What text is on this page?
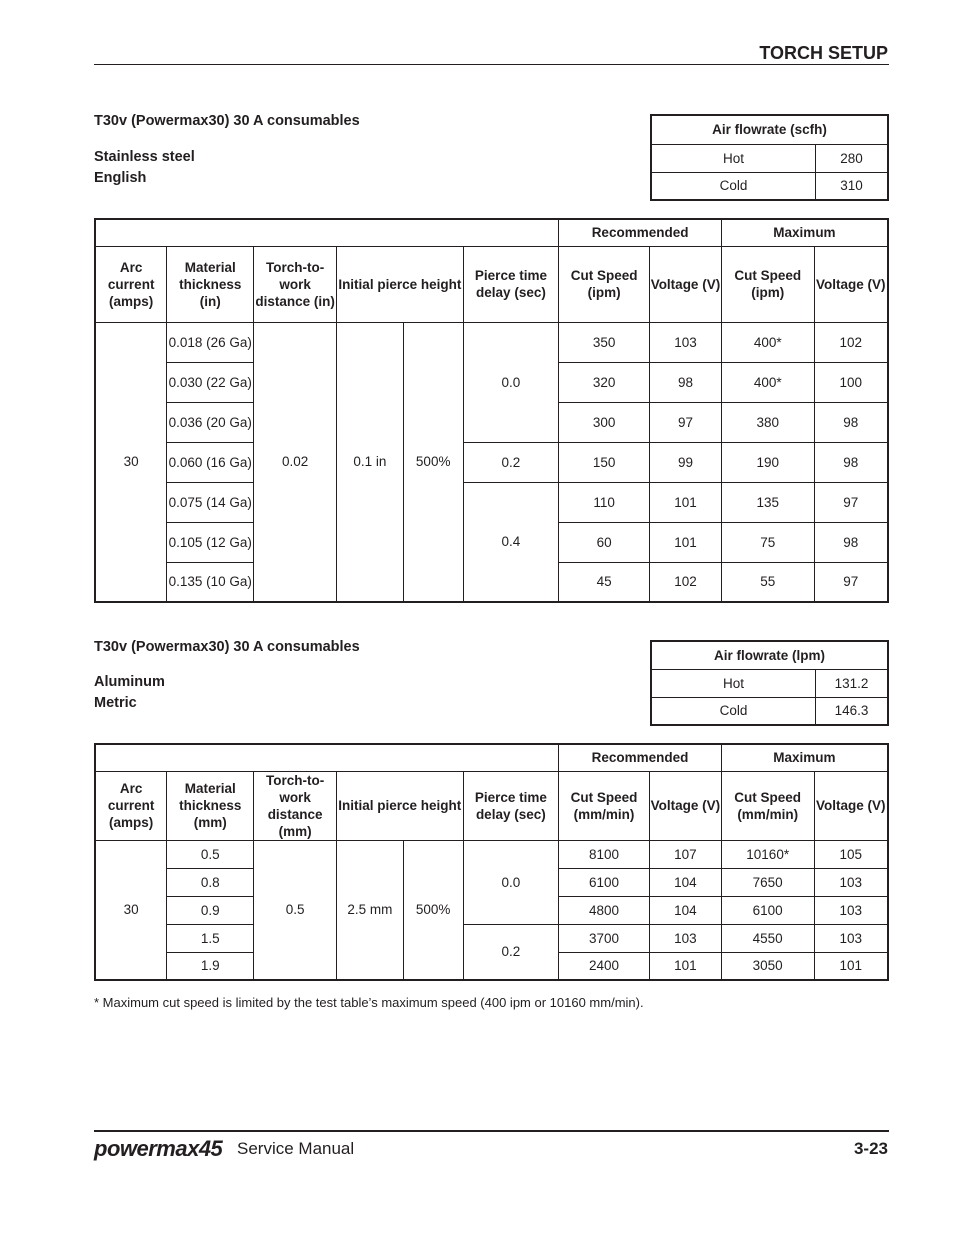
TORCH SETUP
T30v (Powermax30) 30 A consumables
Stainless steel
English
Air flowrate (scfh)	
Hot	280
Cold	310
						Recommended		Maximum	
Arc current (amps)	Material thickness (in)	Torch-to-work distance (in)	Initial pierce height		Pierce time delay (sec)	Cut Speed (ipm)	Voltage (V)	Cut Speed (ipm)	Voltage (V)
30	0.018 (26 Ga)	0.02	0.1 in	500%	0.0	350	103	400*	102
	0.030 (22 Ga)					320	98	400*	100
	0.036 (20 Ga)					300	97	380	98
	0.060 (16 Ga)				0.2	150	99	190	98
	0.075 (14 Ga)				0.4	110	101	135	97
	0.105 (12 Ga)					60	101	75	98
	0.135 (10 Ga)					45	102	55	97
T30v (Powermax30) 30 A consumables
Aluminum
Metric
Air flowrate (lpm)	
Hot	131.2
Cold	146.3
						Recommended		Maximum	
Arc current (amps)	Material thickness (mm)	Torch-to-work distance (mm)	Initial pierce height		Pierce time delay (sec)	Cut Speed (mm/min)	Voltage (V)	Cut Speed (mm/min)	Voltage (V)
30	0.5	0.5	2.5 mm	500%	0.0	8100	107	10160*	105
	0.8					6100	104	7650	103
	0.9					4800	104	6100	103
	1.5				0.2	3700	103	4550	103
	1.9					2400	101	3050	101
* Maximum cut speed is limited by the test table’s maximum speed (400 ipm or 10160 mm/min).
powermax45 Service Manual	3-23
